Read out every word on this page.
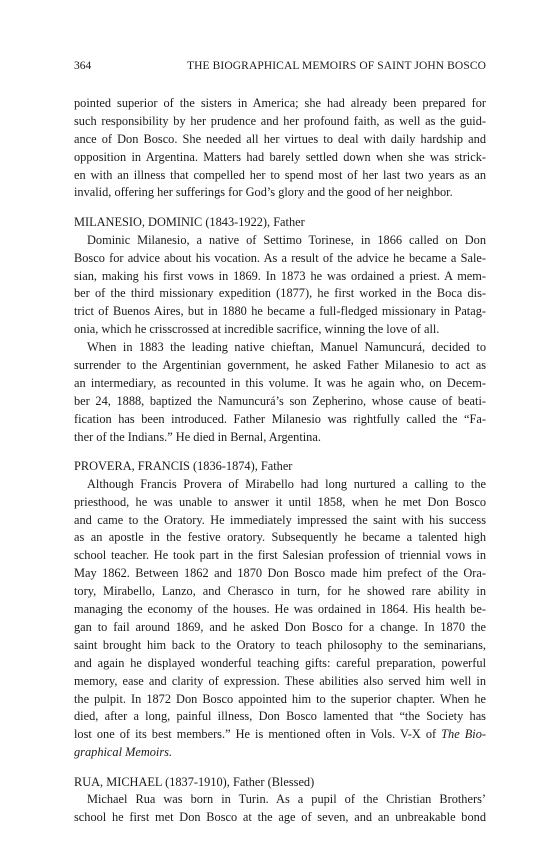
364	THE BIOGRAPHICAL MEMOIRS OF SAINT JOHN BOSCO
pointed superior of the sisters in America; she had already been prepared for
such responsibility by her prudence and her profound faith, as well as the guid-
ance of Don Bosco. She needed all her virtues to deal with daily hardship and
opposition in Argentina. Matters had barely settled down when she was strick-
en with an illness that compelled her to spend most of her last two years as an
invalid, offering her sufferings for God’s glory and the good of her neighbor.
MILANESIO, DOMINIC (1843-1922), Father
Dominic Milanesio, a native of Settimo Torinese, in 1866 called on Don
Bosco for advice about his vocation. As a result of the advice he became a Sale-
sian, making his first vows in 1869. In 1873 he was ordained a priest. A mem-
ber of the third missionary expedition (1877), he first worked in the Boca dis-
trict of Buenos Aires, but in 1880 he became a full-fledged missionary in Patag-
onia, which he crisscrossed at incredible sacrifice, winning the love of all.
When in 1883 the leading native chieftan, Manuel Namuncurá, decided to
surrender to the Argentinian government, he asked Father Milanesio to act as
an intermediary, as recounted in this volume. It was he again who, on Decem-
ber 24, 1888, baptized the Namuncurá’s son Zepherino, whose cause of beati-
fication has been introduced. Father Milanesio was rightfully called the “Fa-
ther of the Indians.” He died in Bernal, Argentina.
PROVERA, FRANCIS (1836-1874), Father
Although Francis Provera of Mirabello had long nurtured a calling to the
priesthood, he was unable to answer it until 1858, when he met Don Bosco
and came to the Oratory. He immediately impressed the saint with his success
as an apostle in the festive oratory. Subsequently he became a talented high
school teacher. He took part in the first Salesian profession of triennial vows in
May 1862. Between 1862 and 1870 Don Bosco made him prefect of the Ora-
tory, Mirabello, Lanzo, and Cherasco in turn, for he showed rare ability in
managing the economy of the houses. He was ordained in 1864. His health be-
gan to fail around 1869, and he asked Don Bosco for a change. In 1870 the
saint brought him back to the Oratory to teach philosophy to the seminarians,
and again he displayed wonderful teaching gifts: careful preparation, powerful
memory, ease and clarity of expression. These abilities also served him well in
the pulpit. In 1872 Don Bosco appointed him to the superior chapter. When he
died, after a long, painful illness, Don Bosco lamented that “the Society has
lost one of its best members.” He is mentioned often in Vols. V-X of The Bio-
graphical Memoirs.
RUA, MICHAEL (1837-1910), Father (Blessed)
Michael Rua was born in Turin. As a pupil of the Christian Brothers’
school he first met Don Bosco at the age of seven, and an unbreakable bond
